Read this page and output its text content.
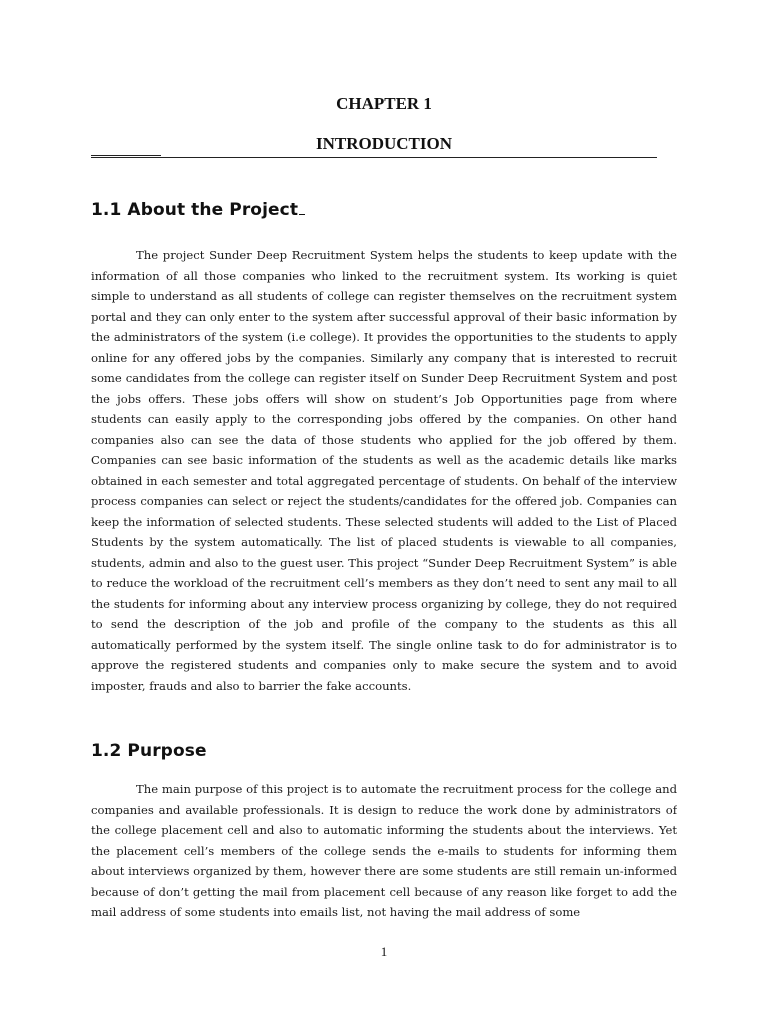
CHAPTER 1
INTRODUCTION
1.1 About the Project

The project Sunder Deep Recruitment System helps the students to keep update with the information of all those companies who linked to the recruitment system. Its working is quiet simple to understand as all students of college can register themselves on the recruitment system portal and they can only enter to the system after successful approval of their basic information by the administrators of the system (i.e college). It provides the opportunities to the students to apply online for any offered jobs by the companies. Similarly any company that is interested to recruit some candidates from the college can register itself on Sunder Deep Recruitment System and post the jobs offers. These jobs offers will show on student’s Job Opportunities page from where students can easily apply to the corresponding jobs offered by the companies. On other hand companies also can see the data of those students who applied for the job offered by them. Companies can see basic information of the students as well as the academic details like marks obtained in each semester and total aggregated percentage of students. On behalf of the interview process companies can select or reject the students/candidates for the offered job. Companies can keep the information of selected students. These selected students will added to the List of Placed Students by the system automatically. The list of placed students is viewable to all companies, students, admin and also to the guest user. This project “Sunder Deep Recruitment System” is able to reduce the workload of the recruitment cell’s members as they don’t need to sent any mail to all the students for informing about any interview process organizing by college, they do not required to send the description of the job and profile of the company to the students as this all automatically performed by the system itself. The single online task to do for administrator is to approve the registered students and companies only to make secure the system and to avoid imposter, frauds and also to barrier the fake accounts.

1.2 Purpose

The main purpose of this project is to automate the recruitment process for the college and companies and available professionals. It is design to reduce the work done by administrators of the college placement cell and also to automatic informing the students about the interviews. Yet the placement cell’s members of the college sends the e-mails to students for informing them about interviews organized by them, however there are some students are still remain un-informed because of don’t getting the mail from placement cell because of any reason like forget to add the mail address of some students into emails list, not having the mail address of some

1
